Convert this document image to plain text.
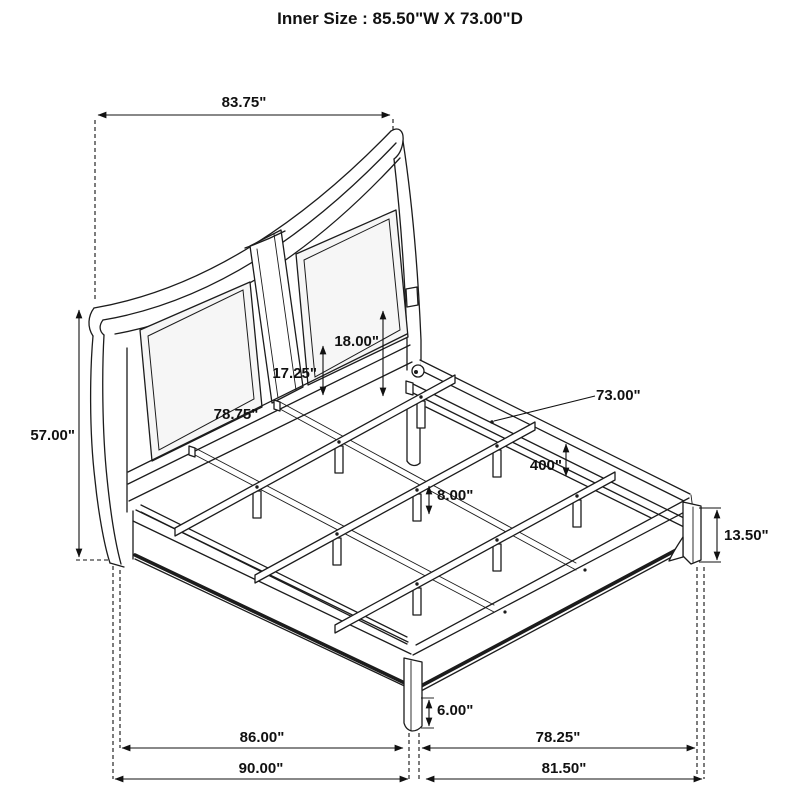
83.75"
57.00"
78.75"
17.25"
18.00"
73.00"
400"
8.00"
13.50"
6.00"
86.00"	78.25"
90.00"	81.50"
Inner Size : 85.50"W X 73.00"D
